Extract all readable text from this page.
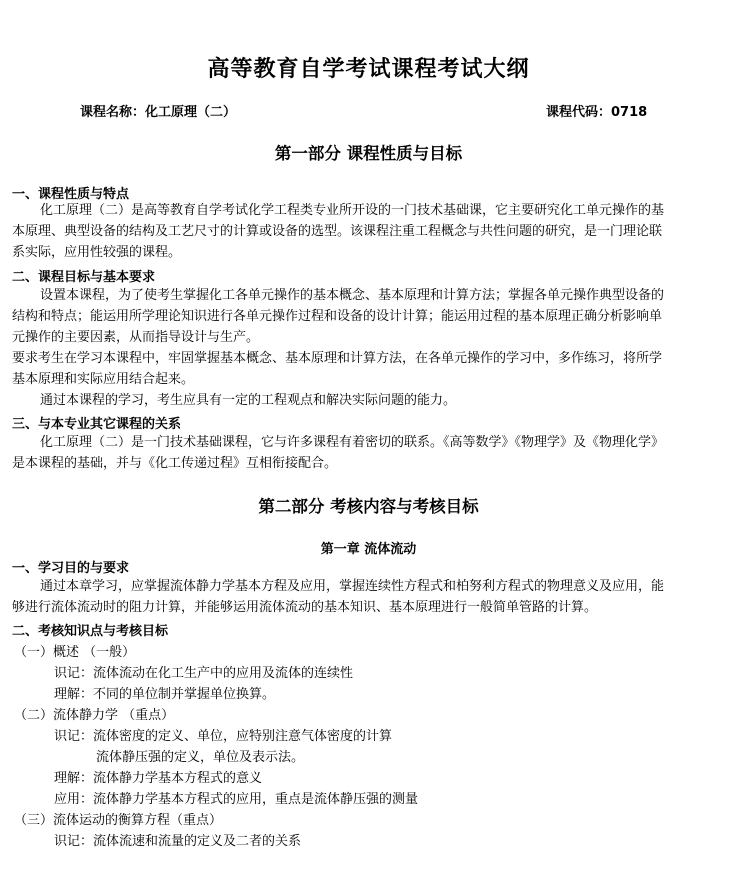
高等教育自学考试课程考试大纲
课程名称：化工原理（二）	课程代码：0718
第一部分 课程性质与目标
一、课程性质与特点
化工原理（二）是高等教育自学考试化学工程类专业所开设的一门技术基础课，它主要研究化工单元操作的基
本原理、典型设备的结构及工艺尺寸的计算或设备的选型。该课程注重工程概念与共性问题的研究，是一门理论联
系实际，应用性较强的课程。
二、课程目标与基本要求
设置本课程，为了使考生掌握化工各单元操作的基本概念、基本原理和计算方法；掌握各单元操作典型设备的
结构和特点；能运用所学理论知识进行各单元操作过程和设备的设计计算；能运用过程的基本原理正确分析影响单
元操作的主要因素，从而指导设计与生产。
要求考生在学习本课程中，牢固掌握基本概念、基本原理和计算方法，在各单元操作的学习中，多作练习，将所学
基本原理和实际应用结合起来。
通过本课程的学习，考生应具有一定的工程观点和解决实际问题的能力。
三、与本专业其它课程的关系
化工原理（二）是一门技术基础课程，它与许多课程有着密切的联系。《高等数学》《物理学》及《物理化学》
是本课程的基础，并与《化工传递过程》互相衔接配合。
第二部分 考核内容与考核目标
第一章 流体流动
一、学习目的与要求
通过本章学习，应掌握流体静力学基本方程及应用，掌握连续性方程式和柏努利方程式的物理意义及应用，能
够进行流体流动时的阻力计算，并能够运用流体流动的基本知识、基本原理进行一般简单管路的计算。
二、考核知识点与考核目标
（一）概述 （一般）
识记：流体流动在化工生产中的应用及流体的连续性
理解：不同的单位制并掌握单位换算。
（二）流体静力学 （重点）
识记：流体密度的定义、单位，应特别注意气体密度的计算
流体静压强的定义，单位及表示法。
理解：流体静力学基本方程式的意义
应用：流体静力学基本方程式的应用，重点是流体静压强的测量
（三）流体运动的衡算方程（重点）
识记：流体流速和流量的定义及二者的关系
